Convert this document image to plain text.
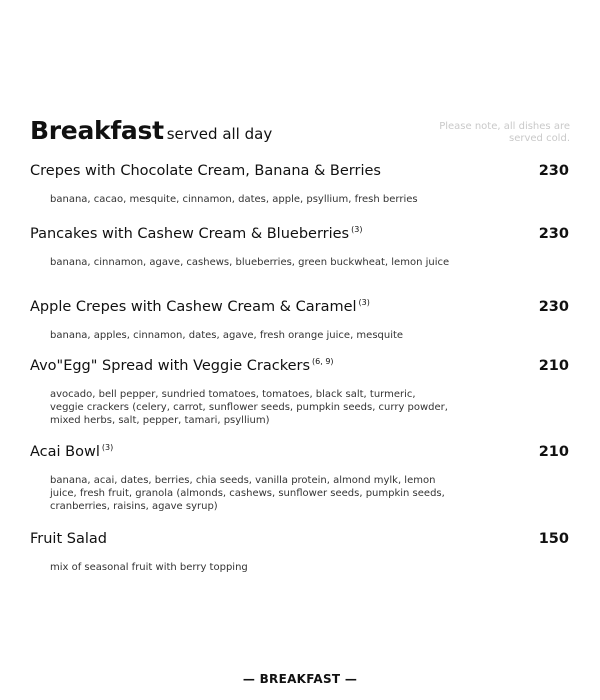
Breakfast served all day	Please note, all dishes are served cold.
Crepes with Chocolate Cream, Banana & Berries	230
banana, cacao, mesquite, cinnamon, dates, apple, psyllium, fresh berries
Pancakes with Cashew Cream & Blueberries $^{(3)}$	230
banana, cinnamon, agave, cashews, blueberries, green buckwheat, lemon juice
Apple Crepes with Cashew Cream & Caramel $^{(3)}$	230
banana, apples, cinnamon, dates, agave, fresh orange juice, mesquite
Avo"Egg" Spread with Veggie Crackers $^{(6, 9)}$	210
avocado, bell pepper, sundried tomatoes, tomatoes, black salt, turmeric, veggie crackers (celery, carrot, sunflower seeds, pumpkin seeds, curry powder, mixed herbs, salt, pepper, tamari, psyllium)
Acai Bowl $^{(3)}$	210
banana, acai, dates, berries, chia seeds, vanilla protein, almond mylk, lemon juice, fresh fruit, granola (almonds, cashews, sunflower seeds, pumpkin seeds, cranberries, raisins, agave syrup)
Fruit Salad	150
mix of seasonal fruit with berry topping
— BREAKFAST —
